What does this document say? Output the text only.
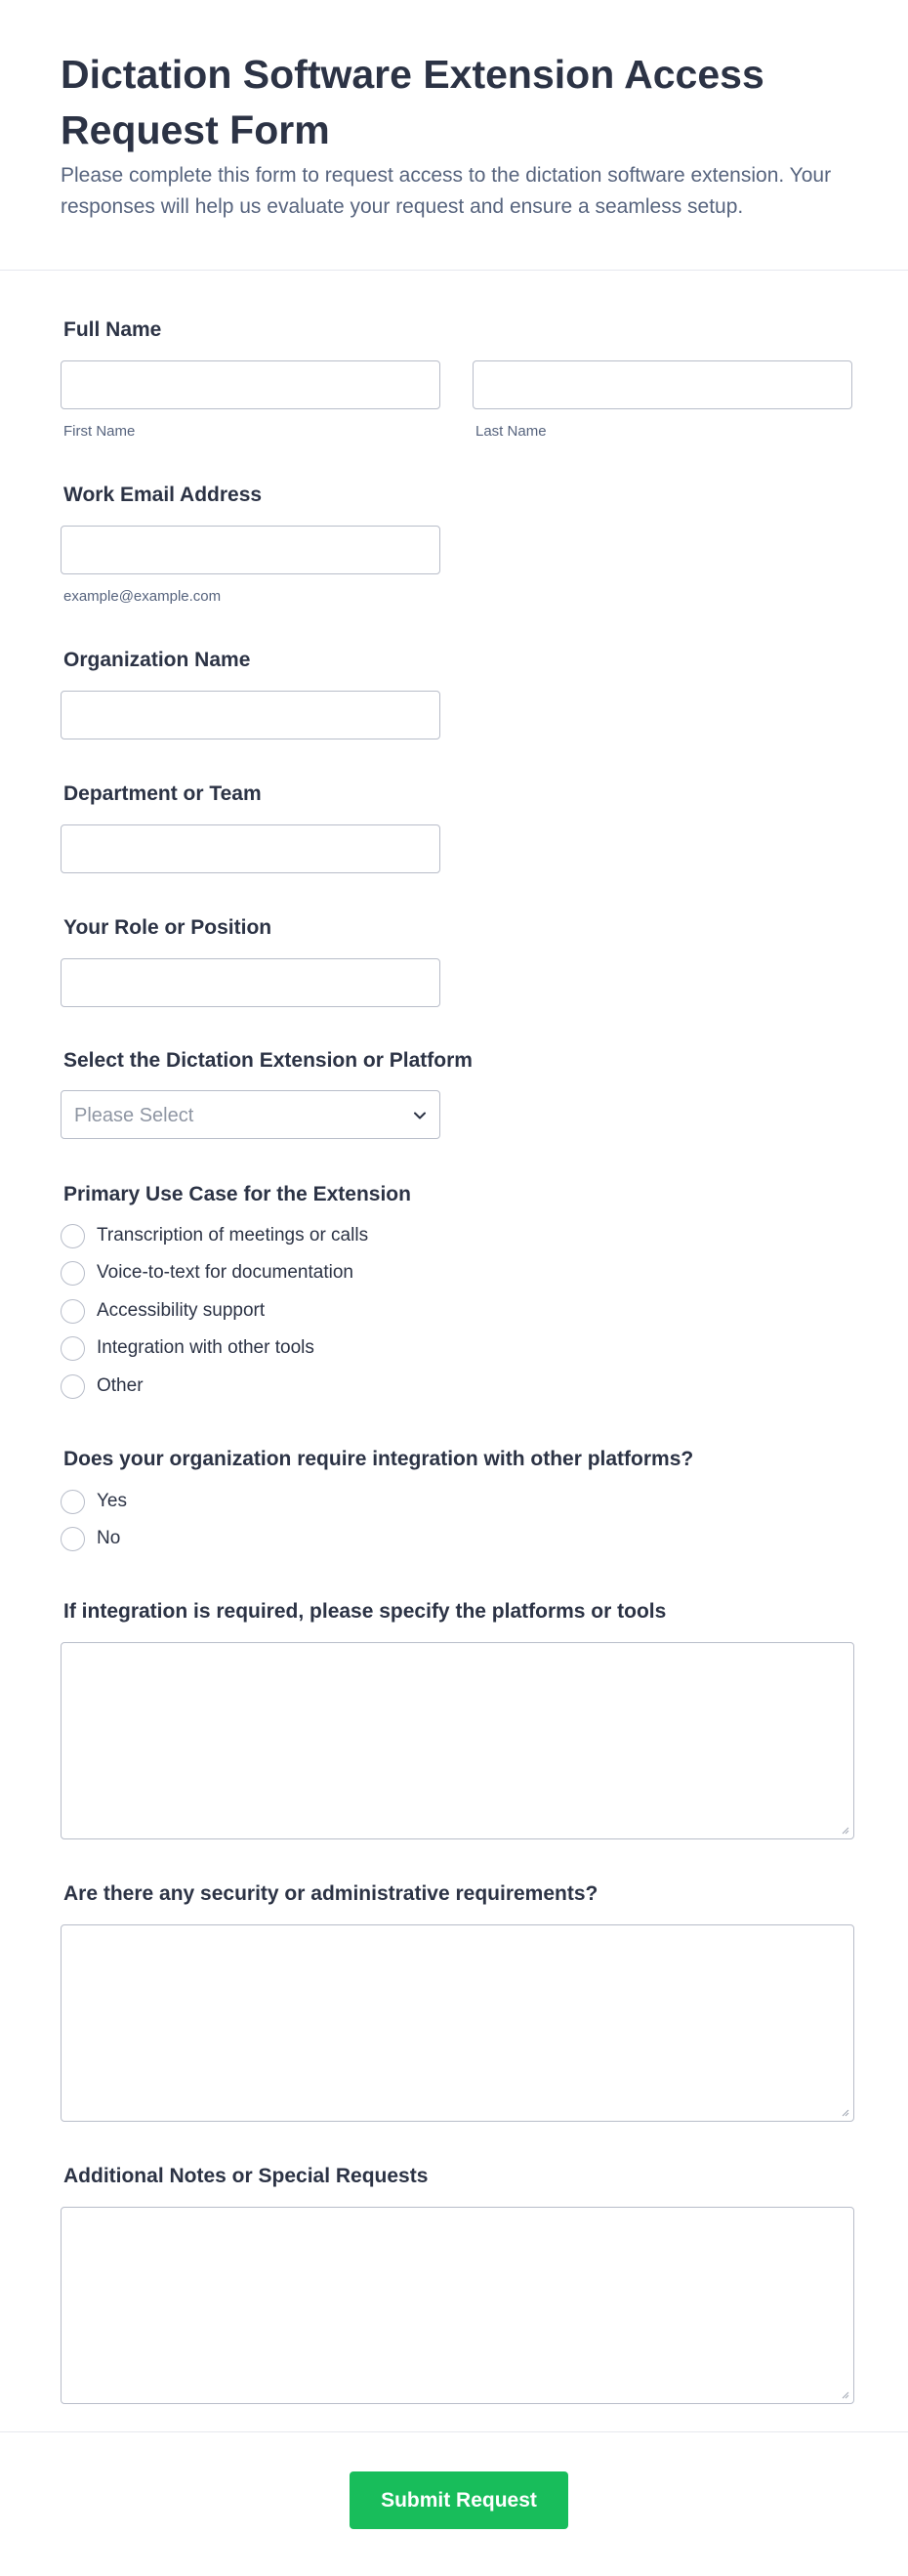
Dictation Software Extension Access Request Form

Please complete this form to request access to the dictation software extension. Your responses will help us evaluate your request and ensure a seamless setup.

Full Name
First Name	Last Name
Work Email Address
example@example.com
Organization Name
Department or Team
Your Role or Position
Select the Dictation Extension or Platform
Please Select
Primary Use Case for the Extension
Transcription of meetings or calls
Voice-to-text for documentation
Accessibility support
Integration with other tools
Other
Does your organization require integration with other platforms?
Yes
No
If integration is required, please specify the platforms or tools
Are there any security or administrative requirements?
Additional Notes or Special Requests
Submit Request
